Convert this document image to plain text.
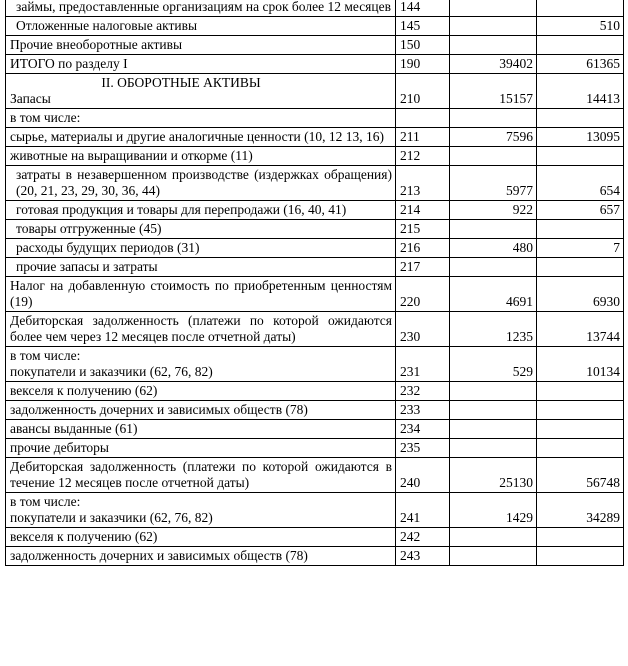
займы, предоставленные организациям на срок более 12 месяцев	144		
Отложенные налоговые активы	145		510
Прочие внеоборотные активы	150		
ИТОГО по разделу I	190	39402	61365

II. ОБОРОТНЫЕ АКТИВЫ
Запасы	210	15157	14413
в том числе:			
сырье, материалы и другие аналогичные ценности (10, 12 13, 16)	211	7596	13095
животные на выращивании и откорме (11)	212		
затраты в незавершенном производстве (издержках обращения) (20, 21, 23, 29, 30, 36, 44)	213	5977	654
готовая продукция и товары для перепродажи (16, 40, 41)	214	922	657
товары отгруженные (45)	215		
расходы будущих периодов (31)	216	480	7
прочие запасы и затраты	217		
Налог на добавленную стоимость по приобретенным ценностям (19)	220	4691	6930
Дебиторская задолженность (платежи по которой ожидаются более чем через 12 месяцев после отчетной даты)	230	1235	13744

в том числе:
покупатели и заказчики (62, 76, 82)	231	529	10134
векселя к получению (62)	232		
задолженность дочерних и зависимых обществ (78)	233		
авансы выданные (61)	234		
прочие дебиторы	235		
Дебиторская задолженность (платежи по которой ожидаются в течение 12 месяцев после отчетной даты)	240	25130	56748

в том числе:
покупатели и заказчики (62, 76, 82)	241	1429	34289
векселя к получению (62)	242		
задолженность дочерних и зависимых обществ (78)	243		
